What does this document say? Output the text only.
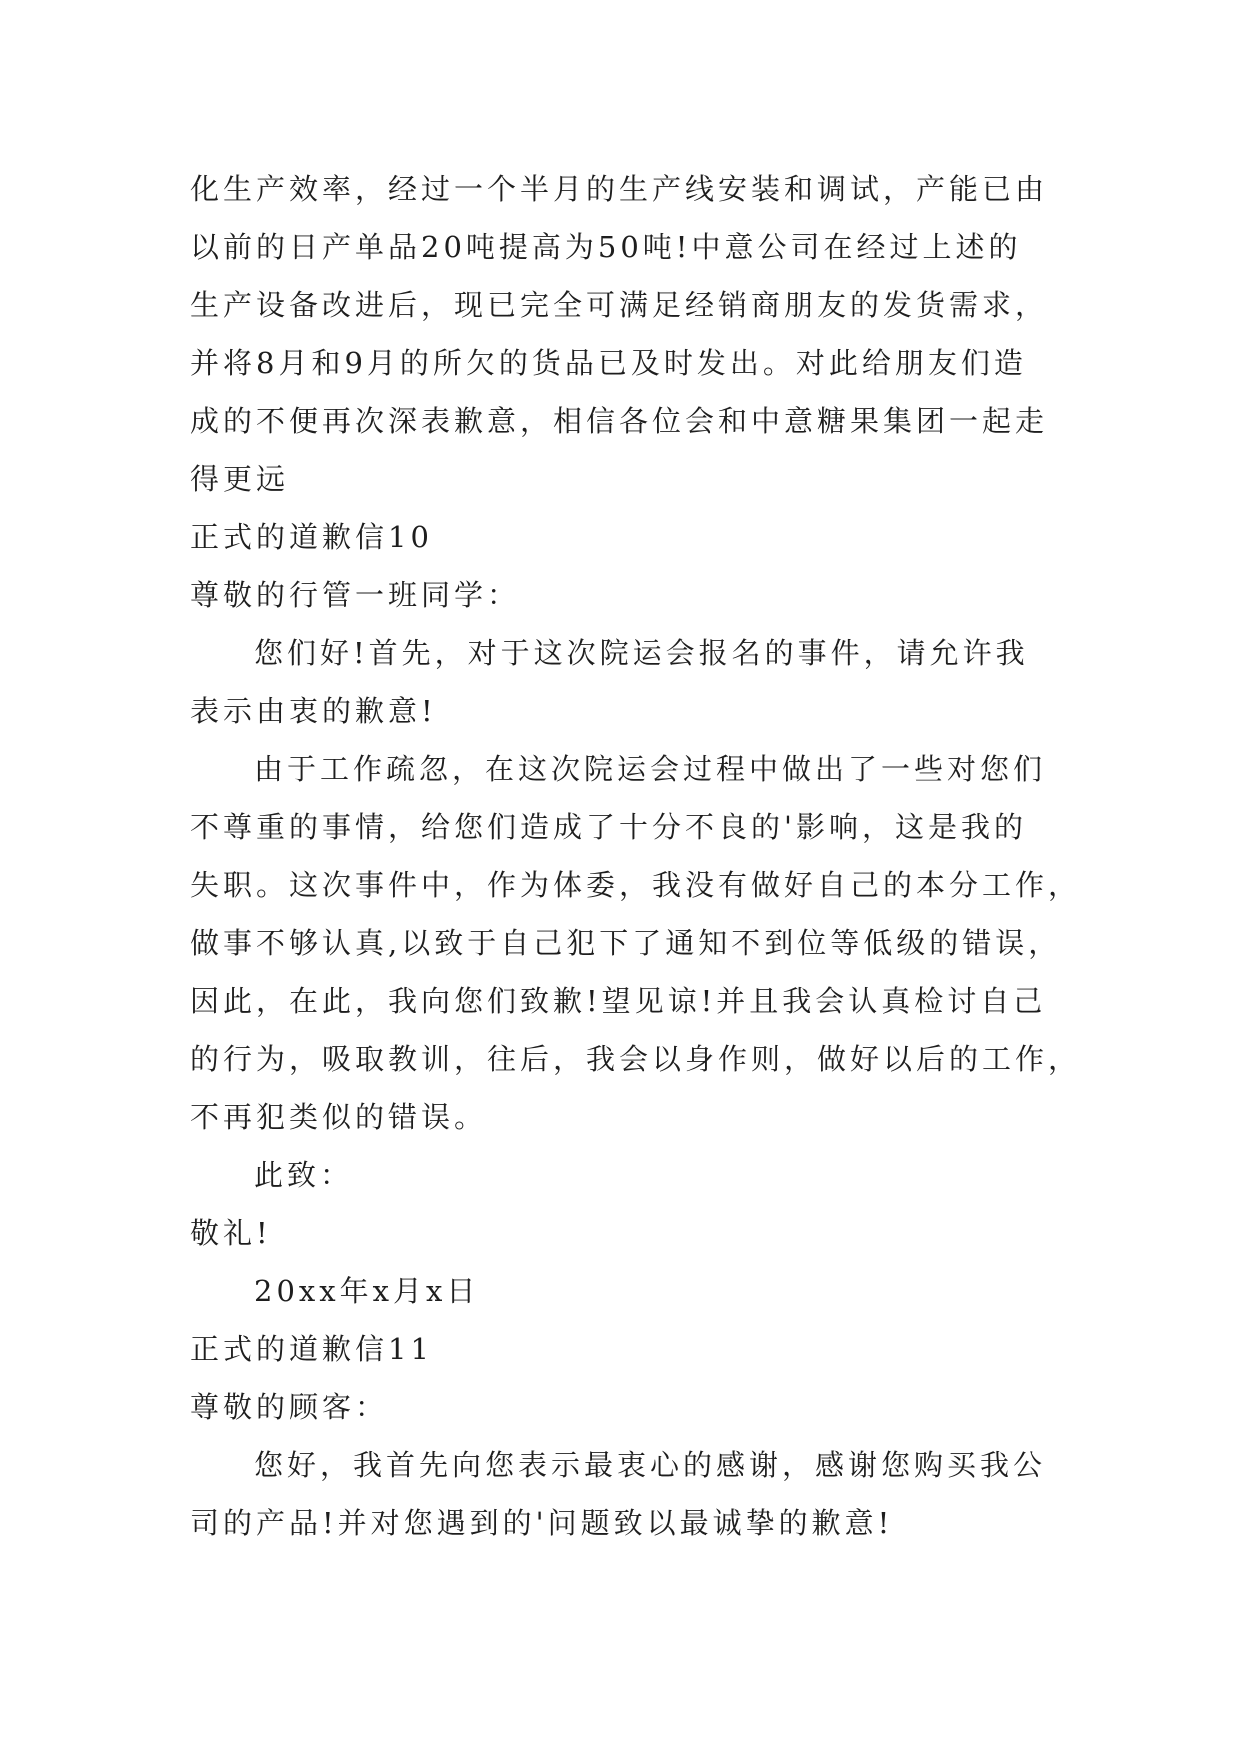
化生产效率，经过一个半月的生产线安装和调试，产能已由
以前的日产单品20吨提高为50吨!中意公司在经过上述的
生产设备改进后，现已完全可满足经销商朋友的发货需求，
并将8月和9月的所欠的货品已及时发出。对此给朋友们造
成的不便再次深表歉意，相信各位会和中意糖果集团一起走
得更远
正式的道歉信10
尊敬的行管一班同学：
您们好!首先，对于这次院运会报名的事件，请允许我
表示由衷的歉意!
由于工作疏忽，在这次院运会过程中做出了一些对您们
不尊重的事情，给您们造成了十分不良的'影响，这是我的
失职。这次事件中，作为体委，我没有做好自己的本分工作，
做事不够认真,以致于自己犯下了通知不到位等低级的错误，
因此，在此，我向您们致歉!望见谅!并且我会认真检讨自己
的行为，吸取教训，往后，我会以身作则，做好以后的工作，
不再犯类似的错误。
此致：
敬礼!
20xx年x月x日
正式的道歉信11
尊敬的顾客：
您好，我首先向您表示最衷心的感谢，感谢您购买我公
司的产品!并对您遇到的'问题致以最诚挚的歉意!
